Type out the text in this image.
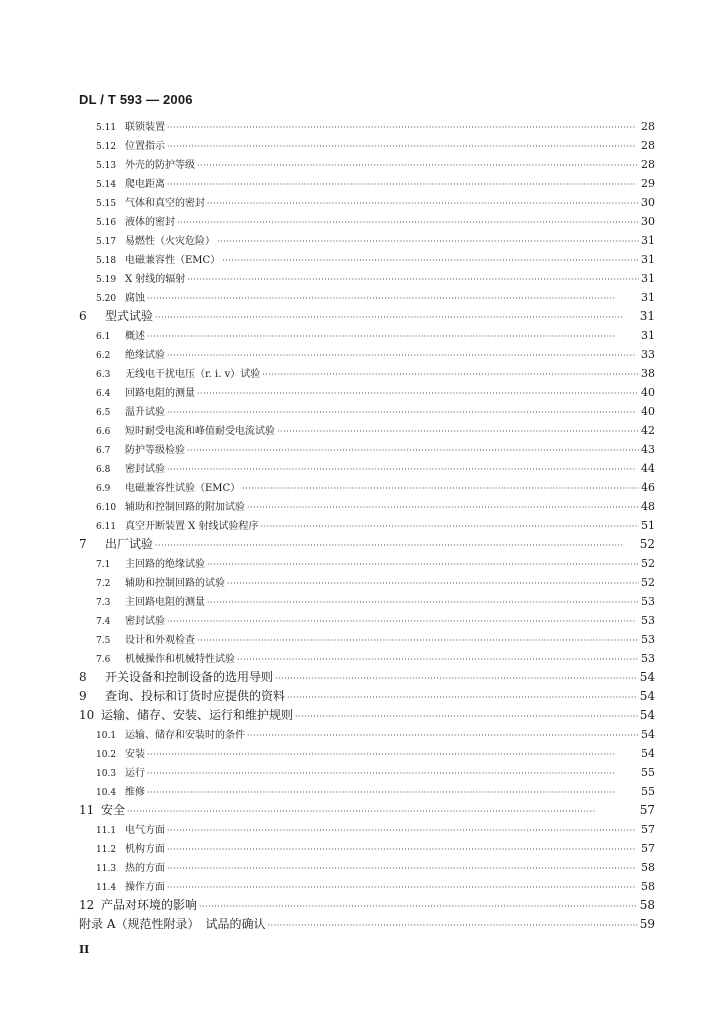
DL / T 593 — 2006
5.11 联锁装置 ·····	28
5.12 位置指示 ·····	28
5.13 外壳的防护等级 ·····	28
5.14 爬电距离 ·····	29
5.15 气体和真空的密封 ·····	30
5.16 液体的密封 ·····	30
5.17 易燃性（火灾危险） ·····	31
5.18 电磁兼容性（EMC） ·····	31
5.19 X 射线的辐射 ·····	31
5.20 腐蚀 ·····	31
6	型式试验 ·····	31
6.1	概述 ·····	31
6.2	绝缘试验 ·····	33
6.3	无线电干扰电压（r. i. v）试验 ·····	38
6.4	回路电阻的测量 ·····	40
6.5	温升试验 ·····	40
6.6	短时耐受电流和峰值耐受电流试验 ·····	42
6.7	防护等级检验 ·····	43
6.8	密封试验 ·····	44
6.9	电磁兼容性试验（EMC） ·····	46
6.10 辅助和控制回路的附加试验 ·····	48
6.11 真空开断装置 X 射线试验程序 ·····	51
7	出厂试验 ·····	52
7.1	主回路的绝缘试验 ·····	52
7.2	辅助和控制回路的试验 ·····	52
7.3	主回路电阻的测量 ·····	53
7.4	密封试验 ·····	53
7.5	设计和外观检查 ·····	53
7.6	机械操作和机械特性试验 ·····	53
8	开关设备和控制设备的选用导则 ·····	54
9	查询、投标和订货时应提供的资料 ·····	54
10 运输、储存、安装、运行和维护规则 ·····	54
10.1 运输、储存和安装时的条件 ·····	54
10.2 安装 ·····	54
10.3 运行 ·····	55
10.4 维修 ·····	55
11 安全 ·····	57
11.1 电气方面 ·····	57
11.2 机构方面 ·····	57
11.3 热的方面 ·····	58
11.4 操作方面 ·····	58
12 产品对环境的影响 ·····	58
附录 A（规范性附录）　试品的确认 ·····	59
II
